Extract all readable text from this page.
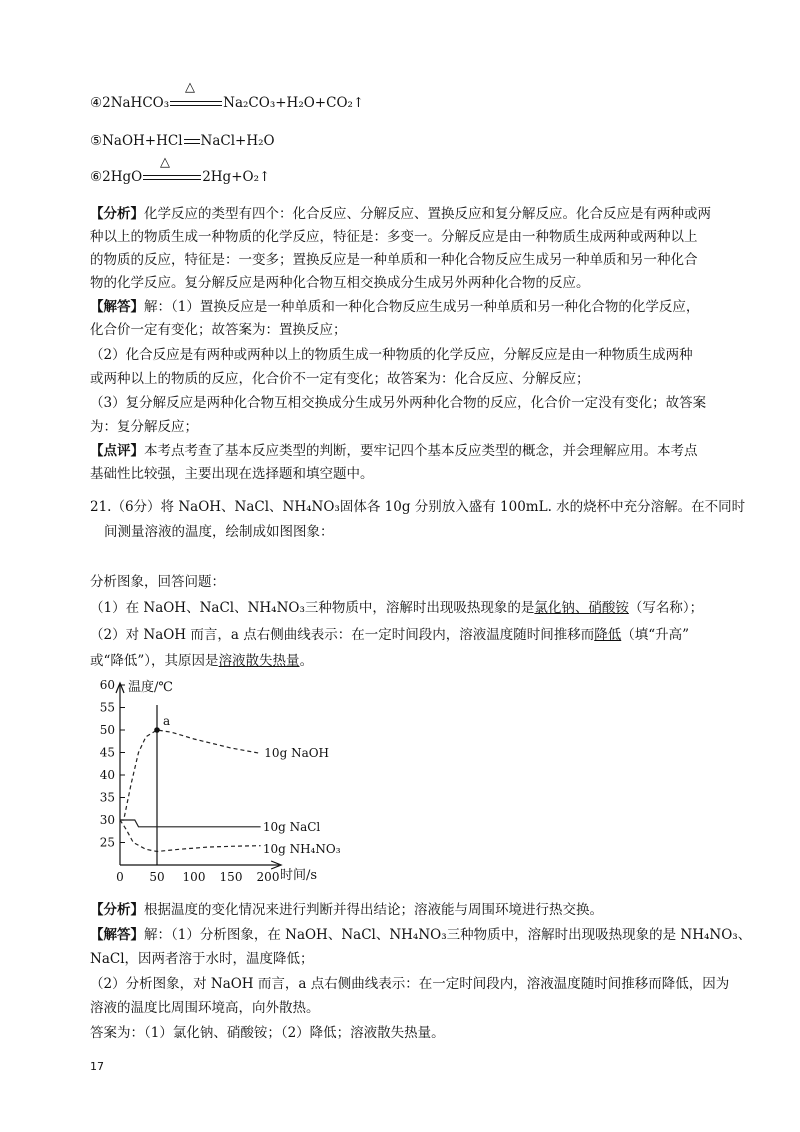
△
④2NaHCO₃	Na₂CO₃+H₂O+CO₂↑
⑤NaOH+HCl NaCl+H₂O
△
⑥2HgO	2Hg+O₂↑
【分析】化学反应的类型有四个：化合反应、分解反应、置换反应和复分解反应。化合反应是有两种或两
种以上的物质生成一种物质的化学反应，特征是：多变一。分解反应是由一种物质生成两种或两种以上
的物质的反应，特征是：一变多；置换反应是一种单质和一种化合物反应生成另一种单质和另一种化合
物的化学反应。复分解反应是两种化合物互相交换成分生成另外两种化合物的反应。
【解答】解：（1）置换反应是一种单质和一种化合物反应生成另一种单质和另一种化合物的化学反应，
化合价一定有变化；故答案为：置换反应；
（2）化合反应是有两种或两种以上的物质生成一种物质的化学反应，分解反应是由一种物质生成两种
或两种以上的物质的反应，化合价不一定有变化；故答案为：化合反应、分解反应；
（3）复分解反应是两种化合物互相交换成分生成另外两种化合物的反应，化合价一定没有变化；故答案
为：复分解反应；
【点评】本考点考查了基本反应类型的判断，要牢记四个基本反应类型的概念，并会理解应用。本考点
基础性比较强，主要出现在选择题和填空题中。
21.（6分）将 NaOH、NaCl、NH₄NO₃固体各 10g 分别放入盛有 100mL. 水的烧杯中充分溶解。在不同时
间测量溶液的温度，绘制成如图图象：
分析图象，回答问题：
（1）在 NaOH、NaCl、NH₄NO₃三种物质中，溶解时出现吸热现象的是氯化钠、硝酸铵（写名称）；
（2）对 NaOH 而言，a 点右侧曲线表示：在一定时间段内，溶液温度随时间推移而降低（填“升高”
或“降低”），其原因是溶液散失热量。
25
30
35
40
45
50
55
60
0 50 100 150 200
温度/℃
时间/s
10g NaOH
10g NaCl
10g NH₄NO₃
a
【分析】根据温度的变化情况来进行判断并得出结论；溶液能与周围环境进行热交换。
【解答】解：（1）分析图象，在 NaOH、NaCl、NH₄NO₃三种物质中，溶解时出现吸热现象的是 NH₄NO₃、
NaCl，因两者溶于水时，温度降低；
（2）分析图象，对 NaOH 而言，a 点右侧曲线表示：在一定时间段内，溶液温度随时间推移而降低，因为
溶液的温度比周围环境高，向外散热。
答案为：（1）氯化钠、硝酸铵；（2）降低；溶液散失热量。
17
